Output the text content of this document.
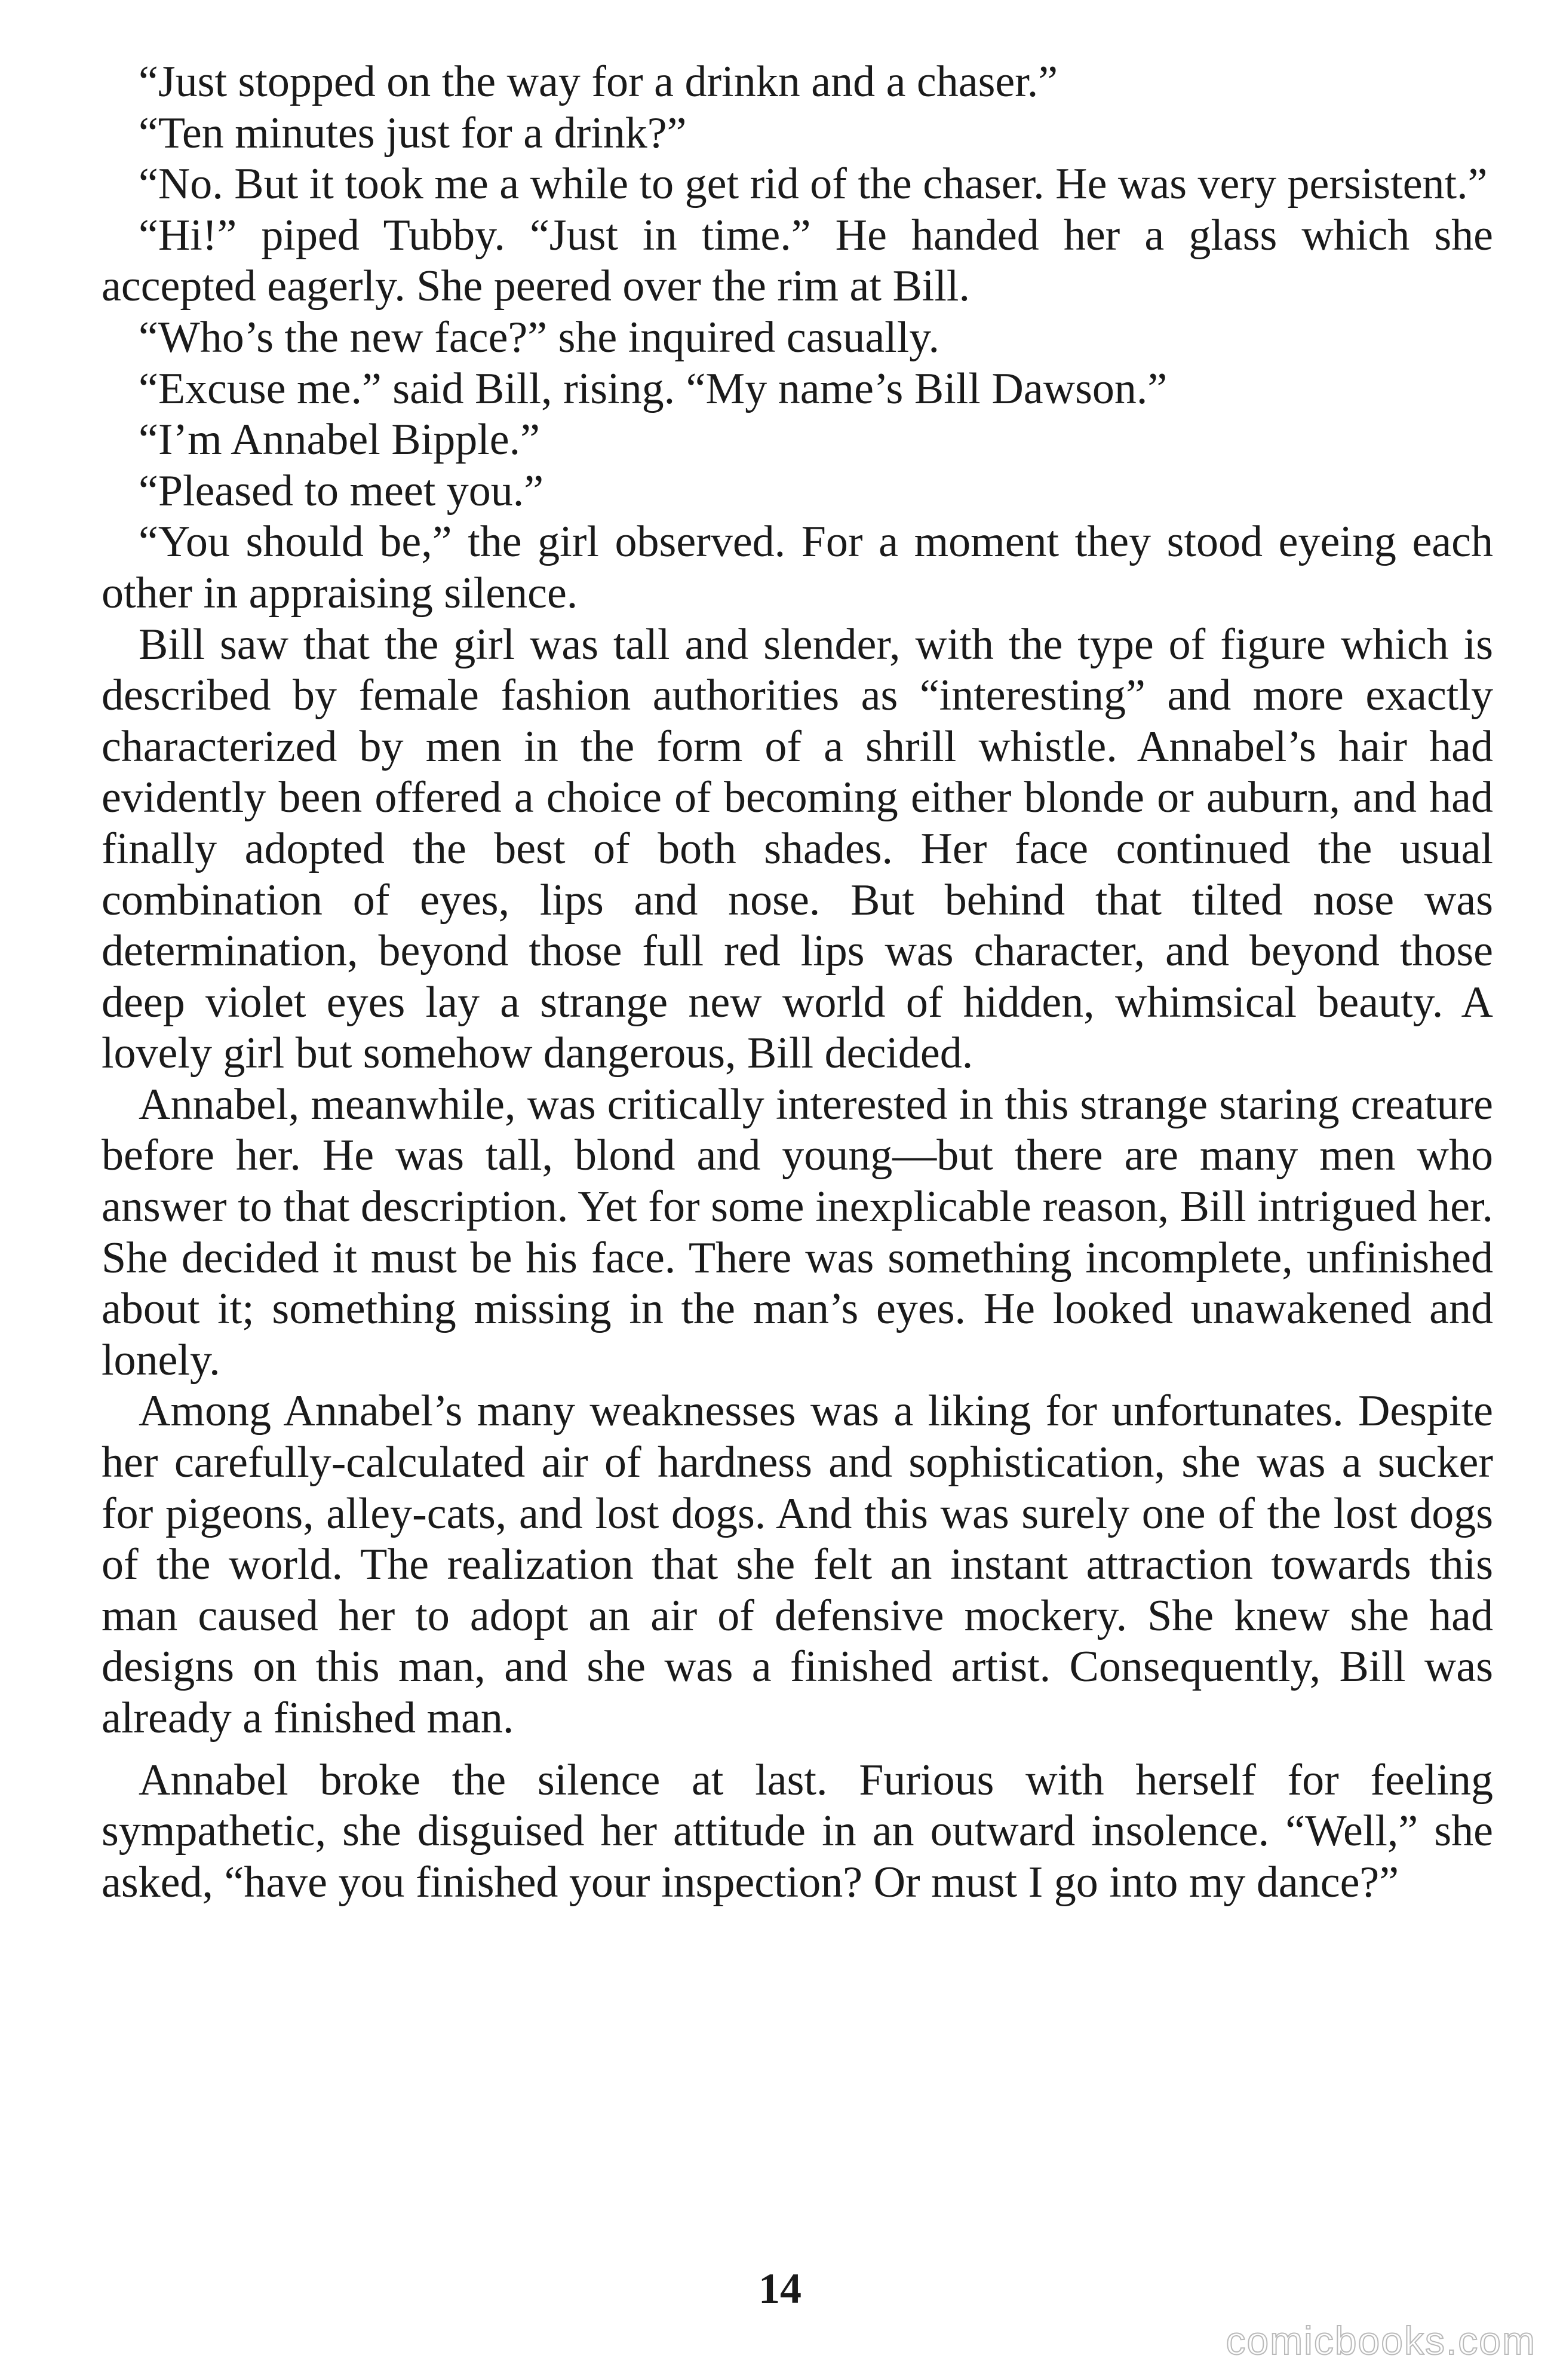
“Just stopped on the way for a drinkn and a chaser.”

“Ten minutes just for a drink?”

“No. But it took me a while to get rid of the chaser. He was very persistent.”

“Hi!” piped Tubby. “Just in time.” He handed her a glass which she accepted eagerly. She peered over the rim at Bill.

“Who’s the new face?” she inquired casually.

“Excuse me.” said Bill, rising. “My name’s Bill Dawson.”

“I’m Annabel Bipple.”

“Pleased to meet you.”

“You should be,” the girl observed. For a moment they stood eyeing each other in appraising silence.

Bill saw that the girl was tall and slender, with the type of figure which is described by female fashion authorities as “interesting” and more exactly characterized by men in the form of a shrill whistle. Annabel’s hair had evidently been offered a choice of becoming either blonde or auburn, and had finally adopted the best of both shades. Her face continued the usual combination of eyes, lips and nose. But behind that tilted nose was determination, beyond those full red lips was character, and beyond those deep violet eyes lay a strange new world of hidden, whimsical beauty. A lovely girl but somehow dangerous, Bill decided.

Annabel, meanwhile, was critically interested in this strange staring creature before her. He was tall, blond and young—but there are many men who answer to that description. Yet for some inexplicable reason, Bill intrigued her. She decided it must be his face. There was something incomplete, unfinished about it; something missing in the man’s eyes. He looked unawakened and lonely.

Among Annabel’s many weaknesses was a liking for unfortunates. Despite her carefully-calculated air of hardness and sophistication, she was a sucker for pigeons, alley-cats, and lost dogs. And this was surely one of the lost dogs of the world. The realization that she felt an instant attraction towards this man caused her to adopt an air of defensive mockery. She knew she had designs on this man, and she was a finished artist. Consequently, Bill was already a finished man.

Annabel broke the silence at last. Furious with herself for feeling sympathetic, she disguised her attitude in an outward insolence. “Well,” she asked, “have you finished your inspection? Or must I go into my dance?”

14
comicbooks.com
